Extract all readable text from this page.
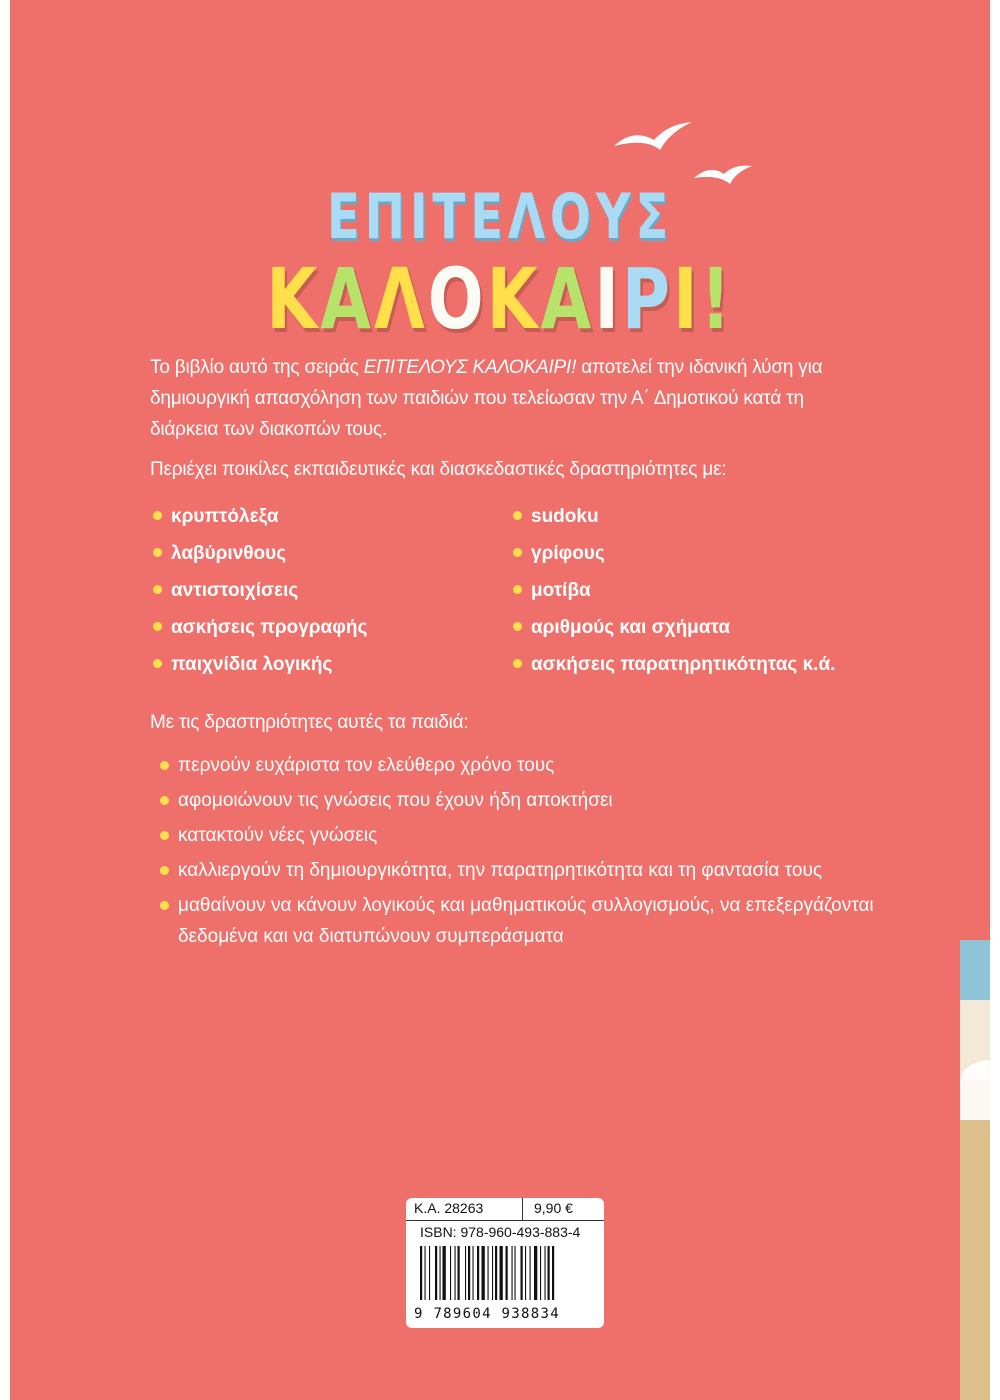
ΕΠΙΤΕΛΟΥΣ
ΚΑΛΟΚΑΙΡΙ!

Το βιβλίο αυτό της σειράς ΕΠΙΤΕΛΟΥΣ ΚΑΛΟΚΑΙΡΙ! αποτελεί την ιδανική λύση για δημιουργική απασχόληση των παιδιών που τελείωσαν την Α΄ Δημοτικού κατά τη διάρκεια των διακοπών τους.

Περιέχει ποικίλες εκπαιδευτικές και διασκεδαστικές δραστηριότητες με:

κρυπτόλεξα
λαβύρινθους
αντιστοιχίσεις
ασκήσεις προγραφής
παιχνίδια λογικής
sudoku
γρίφους
μοτίβα
αριθμούς και σχήματα
ασκήσεις παρατηρητικότητας κ.ά.

Με τις δραστηριότητες αυτές τα παιδιά:

περνούν ευχάριστα τον ελεύθερο χρόνο τους
αφομοιώνουν τις γνώσεις που έχουν ήδη αποκτήσει
κατακτούν νέες γνώσεις
καλλιεργούν τη δημιουργικότητα, την παρατηρητικότητα και τη φαντασία τους
μαθαίνουν να κάνουν λογικούς και μαθηματικούς συλλογισμούς, να επεξεργάζονται δεδομένα και να διατυπώνουν συμπεράσματα
Κ.Α. 28263	9,90 €
ISBN: 978-960-493-883-4
9 789604 938834
